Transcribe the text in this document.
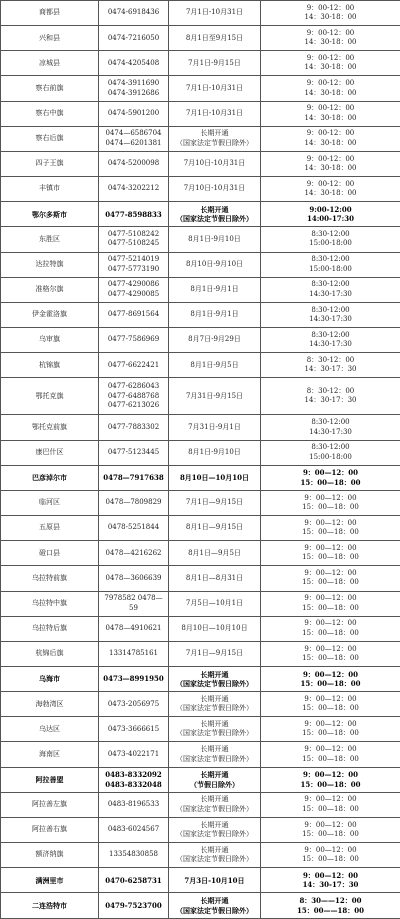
商都县	0474-6918436	7月1日-10月31日	9：00-12：00
14：30-18：00
兴和县	0474-7216050	8月1日至9月15日	9：00-12：00
14：30-18：00
凉城县	0474-4205408	7月1日-9月15日	9：00-12：00
14：30-18：00
察右前旗	0474-3911690
0474-3912686	7月1日-10月31日	9：00-12：00
14：30-18：00
察右中旗	0474-5901200	7月1日-10月31日	9：00-12：00
14：30-18：00
察右后旗	0474—6586704
0474—6201381	长期开通
（国家法定节假日除外）	9：00-12：00
14：30-18：00
四子王旗	0474-5200098	7月10日-10月31日	9：00-12：00
14：30-18：00
丰镇市	0474-3202212	7月10日-10月31日	9：00-12：00
14：30-18：00
鄂尔多斯市	0477-8598833	长期开通
（国家法定节假日除外）	9:00-12:00
14:00-17:30
东胜区	0477-5108242
0477-5108245	8月1日-9月10日	8:30-12:00
15:00-18:00
达拉特旗	0477-5214019
0477-5773190	8月10日-9月10日	8:30-12:00
15:00-18:00
准格尔旗	0477-4290086
0477-4290085	8月1日-9月1日	8:30-12:00
14:30-17:30
伊金霍洛旗	0477-8691564	8月1日-9月1日	8:30-12:00
14:30-17:30
乌审旗	0477-7586969	8月7日-9月29日	8:30-12:00
14:30-17:30
杭锦旗	0477-6622421	8月1日-9月5日	8：30-12：00
14：30-17：30
鄂托克旗	0477-6286043
0477-6488768
0477-6213026	7月31日-9月15日	8：30-12：00
14：30-17：30
鄂托克前旗	0477-7883302	7月31日-9月1日	8:30-12:00
14:30-17:30
康巴什区	0477-5123445	8月1日-9月10日	8:30-12:00
15:00-18:00
巴彦淖尔市	0478—7917638	8月10日—10月10日	9：00—12：00
15：00—18：00
临河区	0478—7809829	7月1日—9月15日	9：00—12：00
15：00—18：00
五原县	0478-5251844	8月1日—9月15日	9：00—12：00
15：00—18：00
磴口县	0478—4216262	8月1日—9月5日	9：00—12：00
15：00—18：00
乌拉特前旗	0478—3606639	8月1日—8月31日	9：00—12：00
15：00—18：00
乌拉特中旗	7978582 0478—59	7月5日—10月1日	9：00—12：00
15：00—18：00
乌拉特后旗	0478—4910621	8月10日—10月10日	9：00—12：00
15：00—18：00
杭锦后旗	13314785161	7月1日—9月15日	9：00—12：00
15：00—18：00
乌海市	0473—8991950	长期开通
（国家法定节假日除外）	9：00—12：00
15：00—18：00
海勃湾区	0473-2056975	长期开通
（国家法定节假日除外）	9：00—12：00
15：00—18：00
乌达区	0473-3666615	长期开通
（国家法定节假日除外）	9：00—12：00
15：00—18：00
海南区	0473-4022171	长期开通
（国家法定节假日除外）	9：00—12：00
15：00—18：00
阿拉善盟	0483-8332092
0483-8332048	长期开通
（节假日除外）	9：00—12：00
15：00—18：00
阿拉善左旗	0483-8196533	长期开通
（国家法定节假日除外）	9：00—12：00
15：00—18：00
阿拉善右旗	0483-6024567	长期开通
（国家法定节假日除外）	9：00—12：00
15：00—18：00
额济纳旗	13354830858	长期开通
（国家法定节假日除外）	9：00—12：00
15：00—18：00
满洲里市	0470-6258731	7月3日-10月10日	9：00—12：00
14：30-17：30
二连浩特市	0479-7523700	长期开通
（国家法定节假日除外）	8：30——12：00
15：00——18：00
